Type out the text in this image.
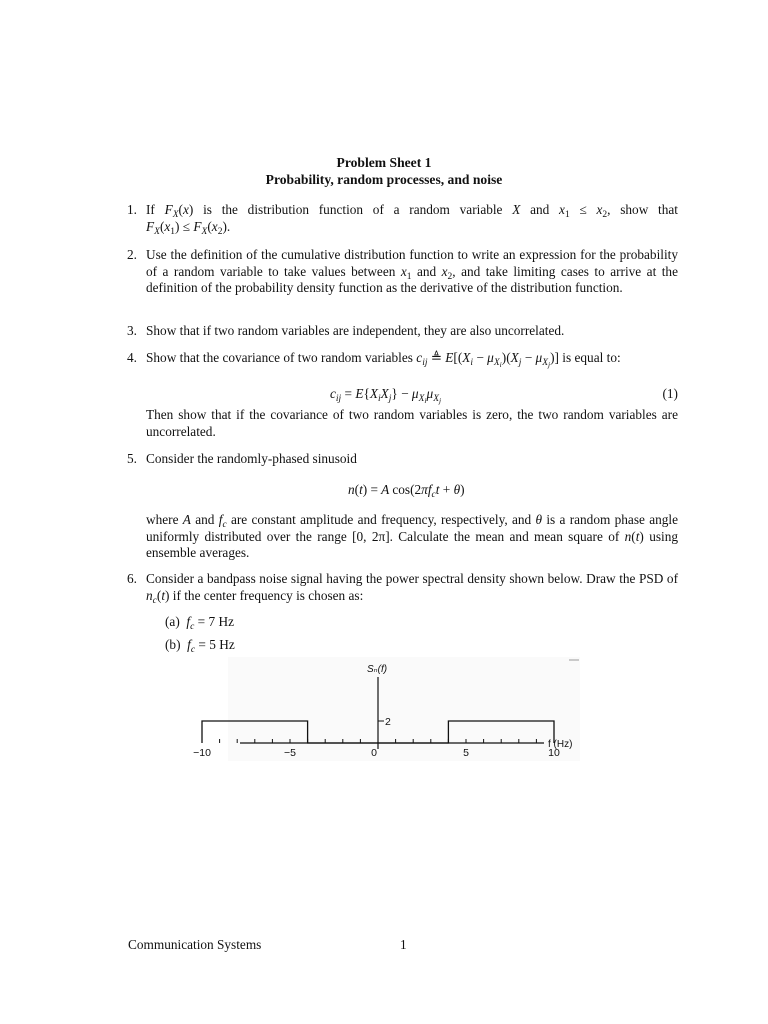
Problem Sheet 1
Probability, random processes, and noise
1. If $F_X(x)$ is the distribution function of a random variable X and $x_1 \le x_2$, show that
$F_X(x_1) \le F_X(x_2)$.
2. Use the definition of the cumulative distribution function to write an expression for the probability of a random variable to take values between $x_1$ and $x_2$, and take limiting cases to arrive at the definition of the probability density function as the derivative of the distribution function.
3. Show that if two random variables are independent, they are also uncorrelated.
4. Show that the covariance of two random variables $c_{ij}$ ≜ $E[(X_i - \mu_{X_i})(X_j - \mu_{X_j})]$ is equal to:
$c_{ij} = E\{X_iX_j\} - \mu_{X_i}\mu_{X_j}$	(1)
Then show that if the covariance of two random variables is zero, the two random variables are uncorrelated.
5. Consider the randomly-phased sinusoid
n(t) = A $\cos(2\pi f_ct + \theta)$
where A and $f_c$ are constant amplitude and frequency, respectively, and θ is a random phase angle uniformly distributed over the range [0, 2π]. Calculate the mean and mean square of n(t) using ensemble averages.
6. Consider a bandpass noise signal having the power spectral density shown below. Draw the PSD of $n_c(t)$ if the center frequency is chosen as:
(a) $f_c = 7$ Hz
(b) $f_c = 5$ Hz
−10	−5	0	5	10
2
Sₙ(f)
f (Hz)
Communication Systems	1
